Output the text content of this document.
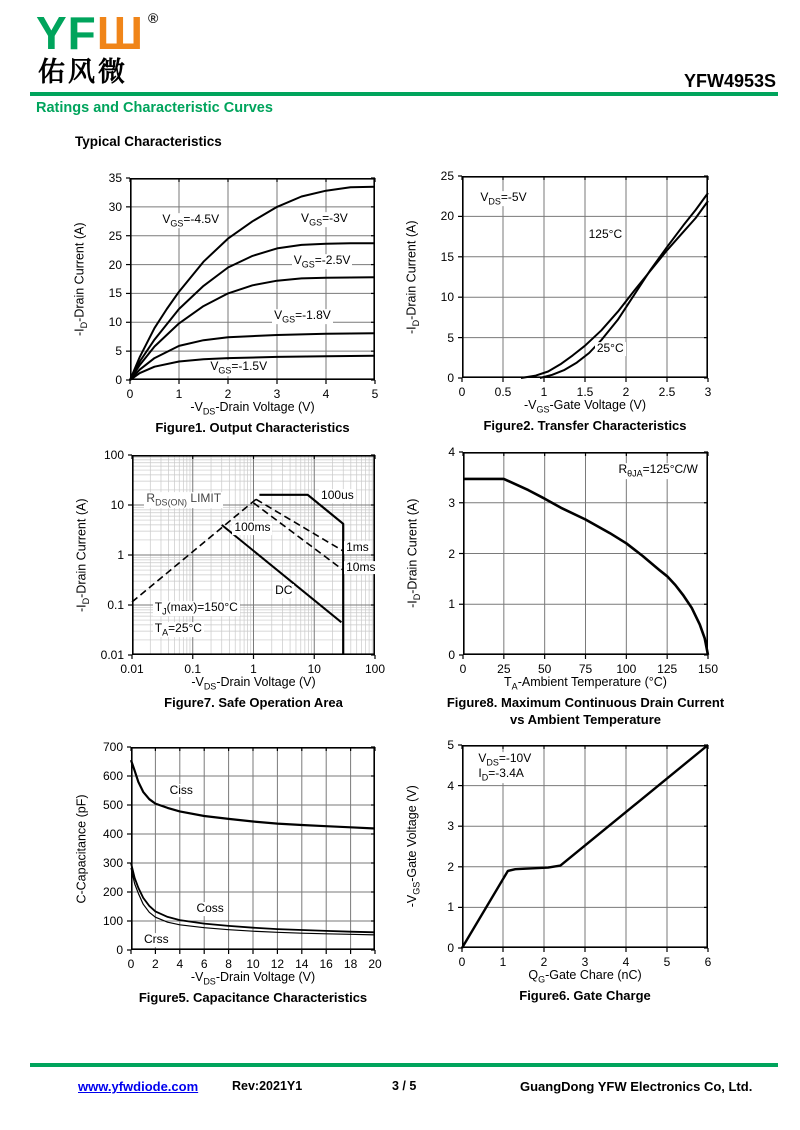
YFШ ®
佑风微	YFW4953S
Ratings and Characteristic Curves
Typical Characteristics
$-V_{DS}$-Drain Voltage (V)
$-I_D$-Drain Current (A)
Figure1. Output Characteristics
0	1	2	3	4	5
0
5
10
15
20
25
30
35
$V_{GS}=-4.5V$	$V_{GS}=-3V$
$V_{GS}=-2.5V$
$V_{GS}=-1.8V$
$V_{GS}=-1.5V$
$-V_{GS}$-Gate Voltage (V)
$-I_D$-Drain Current (A)
Figure2. Transfer Characteristics
0 0.5 1 1.5 2 2.5 3
0
5
10
15
20
25
$V_{DS}=-5V$
125°C
25°C
$-V_{DS}$-Drain Voltage (V)
$-I_D$-Drain Current (A)
Figure7. Safe Operation Area
0.01	0.1	1	10	100
0.01
0.1
1
10
100
$R_{DS(ON)}$ LIMIT	100us
100ms
1ms
10ms
DC
$T_J(\max)=150^\circ C$
$T_A=25^\circ C$
$T_A$-Ambient Temperature (°C)
$-I_D$-Drain Curent (A)
Figure8. Maximum Continuous Drain Current
vs Ambient Temperature
0	25 50 75 100 125 150
0
1
2
3
4
$R_{\theta JA}=125^\circ C/W$
$-V_{DS}$-Drain Voltage (V)
C-Capacitance (pF)
Figure5. Capacitance Characteristics
0 2 4 6 8 10 12 14 16 18 20
0
100
200
300
400
500
600
700
Ciss
Coss
Crss
$Q_G$-Gate Chare (nC)
$-V_{GS}$-Gate Voltage (V)
Figure6. Gate Charge
0	1	2	3	4	5	6
0
1
2
3
4
5
$V_{DS}=-10V$
$I_D=-3.4A$
www.yfwdiode.com	Rev:2021Y1	3 / 5	GuangDong YFW Electronics Co, Ltd.
